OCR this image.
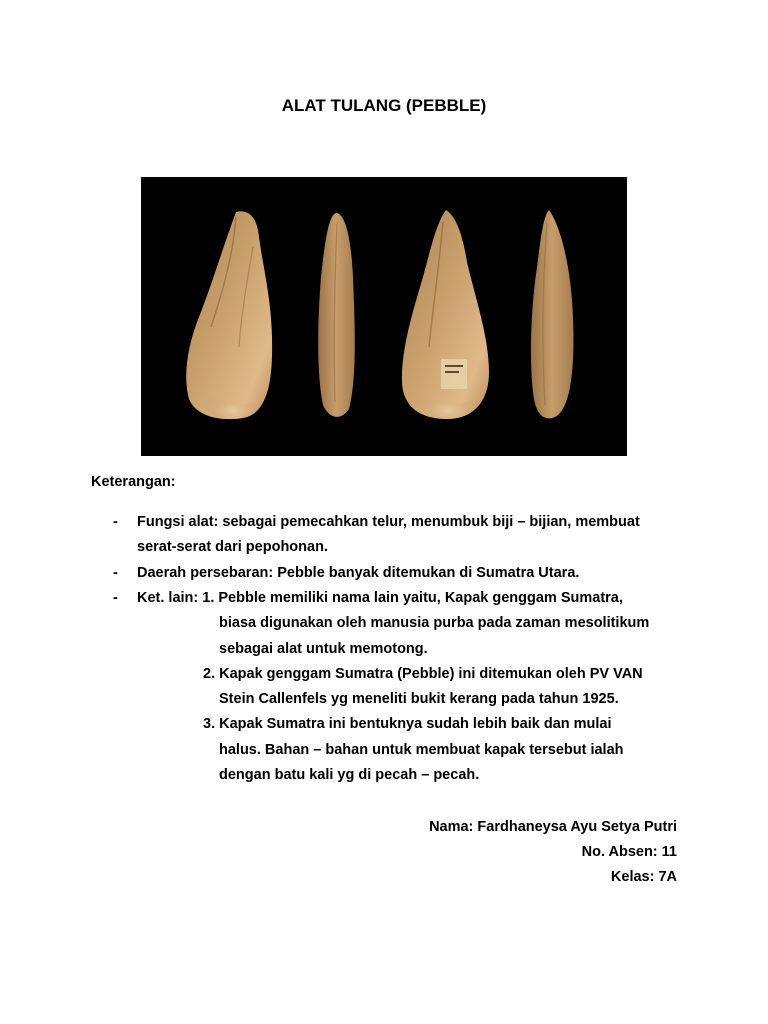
ALAT TULANG (PEBBLE)
Keterangan:
- Fungsi alat: sebagai pemecahkan telur, menumbuk biji – bijian, membuat
serat-serat dari pepohonan.
- Daerah persebaran: Pebble banyak ditemukan di Sumatra Utara.
- Ket. lain: 1. Pebble memiliki nama lain yaitu, Kapak genggam Sumatra,
biasa digunakan oleh manusia purba pada zaman mesolitikum
sebagai alat untuk memotong.
2. Kapak genggam Sumatra (Pebble) ini ditemukan oleh PV VAN
Stein Callenfels yg meneliti bukit kerang pada tahun 1925.
3. Kapak Sumatra ini bentuknya sudah lebih baik dan mulai
halus. Bahan – bahan untuk membuat kapak tersebut ialah
dengan batu kali yg di pecah – pecah.
Nama: Fardhaneysa Ayu Setya Putri
No. Absen: 11
Kelas: 7A
